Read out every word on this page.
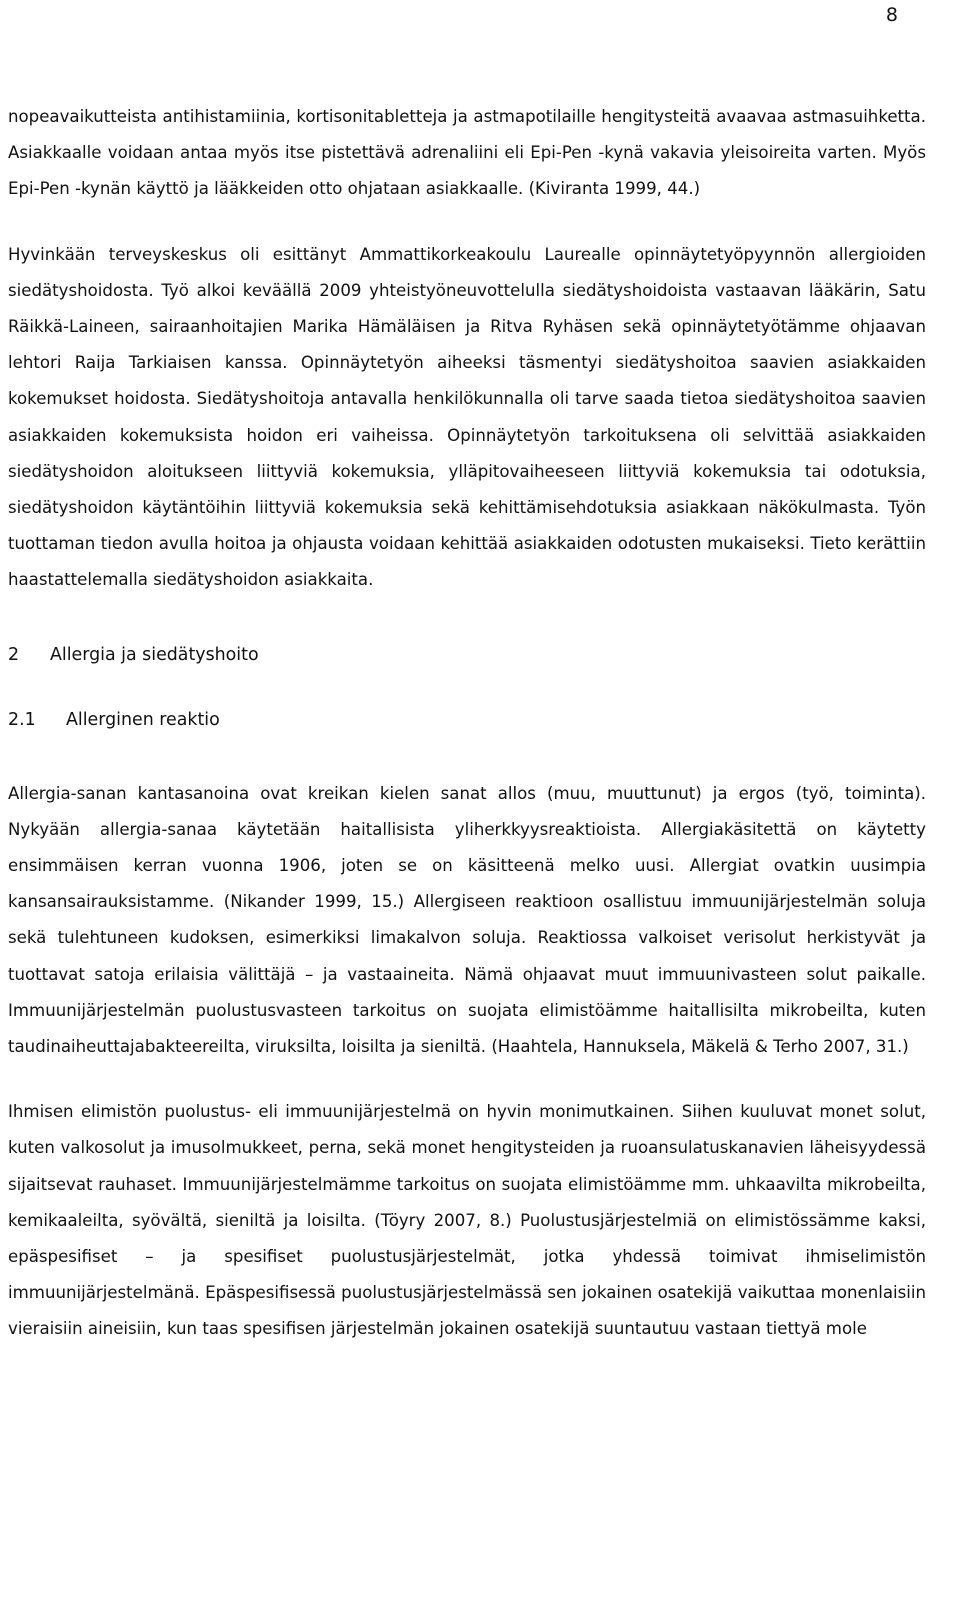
8

nopeavaikutteista antihistamiinia, kortisonitabletteja ja astmapotilaille hengitysteitä avaavaa astmasuihketta. Asiakkaalle voidaan antaa myös itse pistettävä adrenaliini eli Epi-Pen -kynä vakavia yleisoireita varten. Myös Epi-Pen -kynän käyttö ja lääkkeiden otto ohjataan asiakkaalle. (Kiviranta 1999, 44.)

Hyvinkään terveyskeskus oli esittänyt Ammattikorkeakoulu Laurealle opinnäytetyöpyynnön allergioiden siedätyshoidosta. Työ alkoi keväällä 2009 yhteistyöneuvottelulla siedätyshoidoista vastaavan lääkärin, Satu Räikkä-Laineen, sairaanhoitajien Marika Hämäläisen ja Ritva Ryhäsen sekä opinnäytetyötämme ohjaavan lehtori Raija Tarkiaisen kanssa. Opinnäytetyön aiheeksi täsmentyi siedätyshoitoa saavien asiakkaiden kokemukset hoidosta. Siedätyshoitoja antavalla henkilökunnalla oli tarve saada tietoa siedätyshoitoa saavien asiakkaiden kokemuksista hoidon eri vaiheissa. Opinnäytetyön tarkoituksena oli selvittää asiakkaiden siedätyshoidon aloitukseen liittyviä kokemuksia, ylläpitovaiheeseen liittyviä kokemuksia tai odotuksia, siedätyshoidon käytäntöihin liittyviä kokemuksia sekä kehittämisehdotuksia asiakkaan näkökulmasta. Työn tuottaman tiedon avulla hoitoa ja ohjausta voidaan kehittää asiakkaiden odotusten mukaiseksi. Tieto kerättiin haastattelemalla siedätyshoidon asiakkaita.

2 Allergia ja siedätyshoito
2.1 Allerginen reaktio

Allergia-sanan kantasanoina ovat kreikan kielen sanat allos (muu, muuttunut) ja ergos (työ, toiminta). Nykyään allergia-sanaa käytetään haitallisista yliherkkyysreaktioista. Allergiakäsitettä on käytetty ensimmäisen kerran vuonna 1906, joten se on käsitteenä melko uusi. Allergiat ovatkin uusimpia kansansairauksistamme. (Nikander 1999, 15.) Allergiseen reaktioon osallistuu immuunijärjestelmän soluja sekä tulehtuneen kudoksen, esimerkiksi limakalvon soluja. Reaktiossa valkoiset verisolut herkistyvät ja tuottavat satoja erilaisia välittäjä – ja vastaaineita. Nämä ohjaavat muut immuunivasteen solut paikalle. Immuunijärjestelmän puolustusvasteen tarkoitus on suojata elimistöämme haitallisilta mikrobeilta, kuten taudinaiheuttajabakteereilta, viruksilta, loisilta ja sieniltä. (Haahtela, Hannuksela, Mäkelä & Terho 2007, 31.)

Ihmisen elimistön puolustus- eli immuunijärjestelmä on hyvin monimutkainen. Siihen kuuluvat monet solut, kuten valkosolut ja imusolmukkeet, perna, sekä monet hengitysteiden ja ruoansulatuskanavien läheisyydessä sijaitsevat rauhaset. Immuunijärjestelmämme tarkoitus on suojata elimistöämme mm. uhkaavilta mikrobeilta, kemikaaleilta, syövältä, sieniltä ja loisilta. (Töyry 2007, 8.) Puolustusjärjestelmiä on elimistössämme kaksi, epäspesifiset – ja spesifiset puolustusjärjestelmät, jotka yhdessä toimivat ihmiselimistön immuunijärjestelmänä. Epäspesifisessä puolustusjärjestelmässä sen jokainen osatekijä vaikuttaa monenlaisiin vieraisiin aineisiin, kun taas spesifisen järjestelmän jokainen osatekijä suuntautuu vastaan tiettyä mole
